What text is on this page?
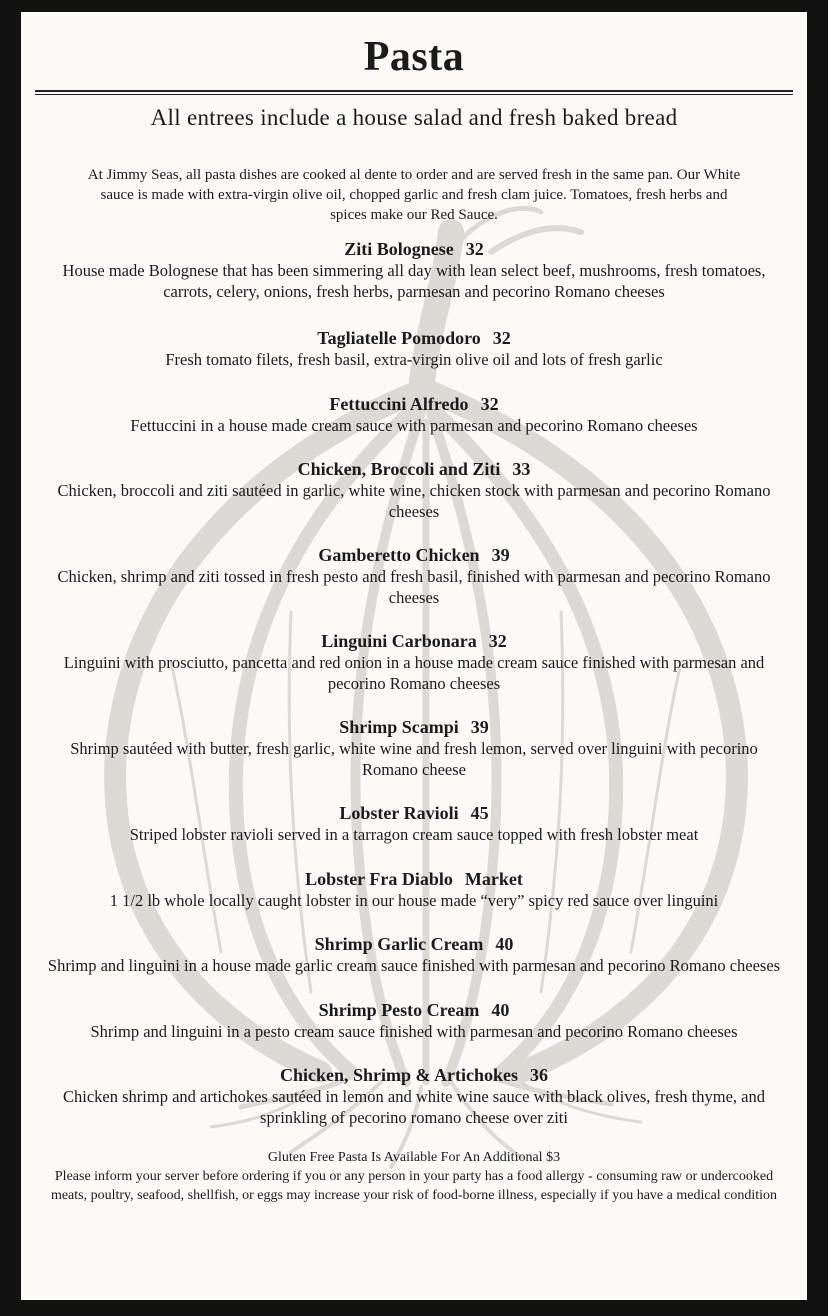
Pasta
All entrees include a house salad and fresh baked bread
At Jimmy Seas, all pasta dishes are cooked al dente to order and are served fresh in the same pan. Our White sauce is made with extra-virgin olive oil, chopped garlic and fresh clam juice. Tomatoes, fresh herbs and spices make our Red Sauce.
Ziti Bolognese 32
House made Bolognese that has been simmering all day with lean select beef, mushrooms, fresh tomatoes, carrots, celery, onions, fresh herbs, parmesan and pecorino Romano cheeses
Tagliatelle Pomodoro 32
Fresh tomato filets, fresh basil, extra-virgin olive oil and lots of fresh garlic
Fettuccini Alfredo 32
Fettuccini in a house made cream sauce with parmesan and pecorino Romano cheeses
Chicken, Broccoli and Ziti 33
Chicken, broccoli and ziti sautéed in garlic, white wine, chicken stock with parmesan and pecorino Romano cheeses
Gamberetto Chicken 39
Chicken, shrimp and ziti tossed in fresh pesto and fresh basil, finished with parmesan and pecorino Romano cheeses
Linguini Carbonara 32
Linguini with prosciutto, pancetta and red onion in a house made cream sauce finished with parmesan and pecorino Romano cheeses
Shrimp Scampi 39
Shrimp sautéed with butter, fresh garlic, white wine and fresh lemon, served over linguini with pecorino Romano cheese
Lobster Ravioli 45
Striped lobster ravioli served in a tarragon cream sauce topped with fresh lobster meat
Lobster Fra Diablo Market
1 1/2 lb whole locally caught lobster in our house made “very” spicy red sauce over linguini
Shrimp Garlic Cream 40
Shrimp and linguini in a house made garlic cream sauce finished with parmesan and pecorino Romano cheeses
Shrimp Pesto Cream 40
Shrimp and linguini in a pesto cream sauce finished with parmesan and pecorino Romano cheeses
Chicken, Shrimp & Artichokes 36
Chicken shrimp and artichokes sautéed in lemon and white wine sauce with black olives, fresh thyme, and sprinkling of pecorino romano cheese over ziti
Gluten Free Pasta Is Available For An Additional $3
Please inform your server before ordering if you or any person in your party has a food allergy - consuming raw or undercooked meats, poultry, seafood, shellfish, or eggs may increase your risk of food-borne illness, especially if you have a medical condition
